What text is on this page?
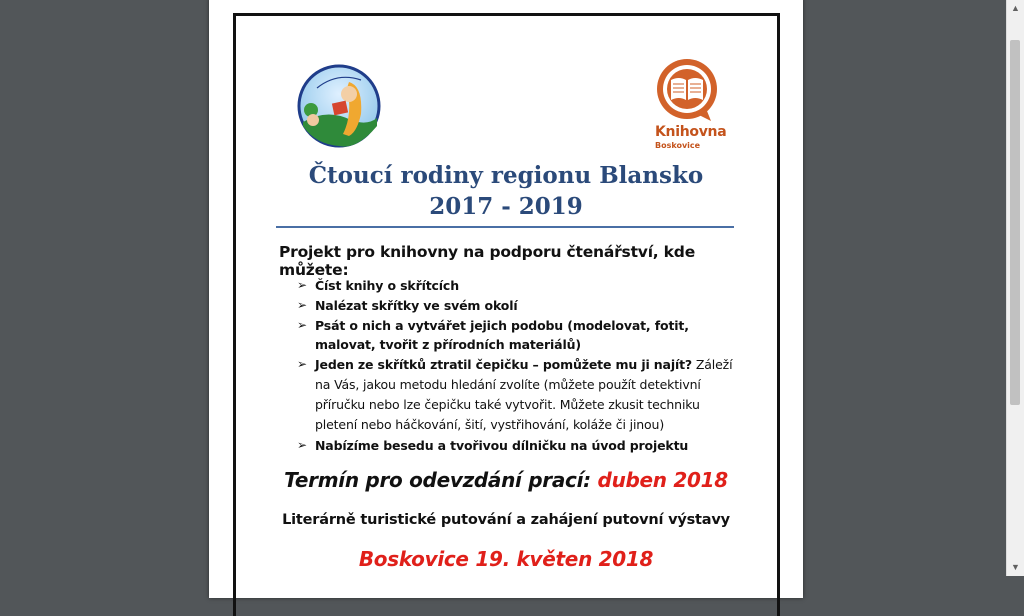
Knihovna
Boskovice
Čtoucí rodiny regionu Blansko
2017 - 2019
Projekt pro knihovny na podporu čtenářství, kde můžete:
➢ Číst knihy o skřítcích
➢ Nalézat skřítky ve svém okolí
➢ Psát o nich a vytvářet jejich podobu (modelovat, fotit, malovat, tvořit z přírodních materiálů)
➢ Jeden ze skřítků ztratil čepičku – pomůžete mu ji najít? Záleží na Vás, jakou metodu hledání zvolíte (můžete použít detektivní příručku nebo lze čepičku také vytvořit. Můžete zkusit techniku pletení nebo háčkování, šití, vystřihování, koláže či jinou)
➢ Nabízíme besedu a tvořivou dílničku na úvod projektu
Termín pro odevzdání prací: duben 2018
Literárně turistické putování a zahájení putovní výstavy
Boskovice 19. květen 2018
▲
▼
